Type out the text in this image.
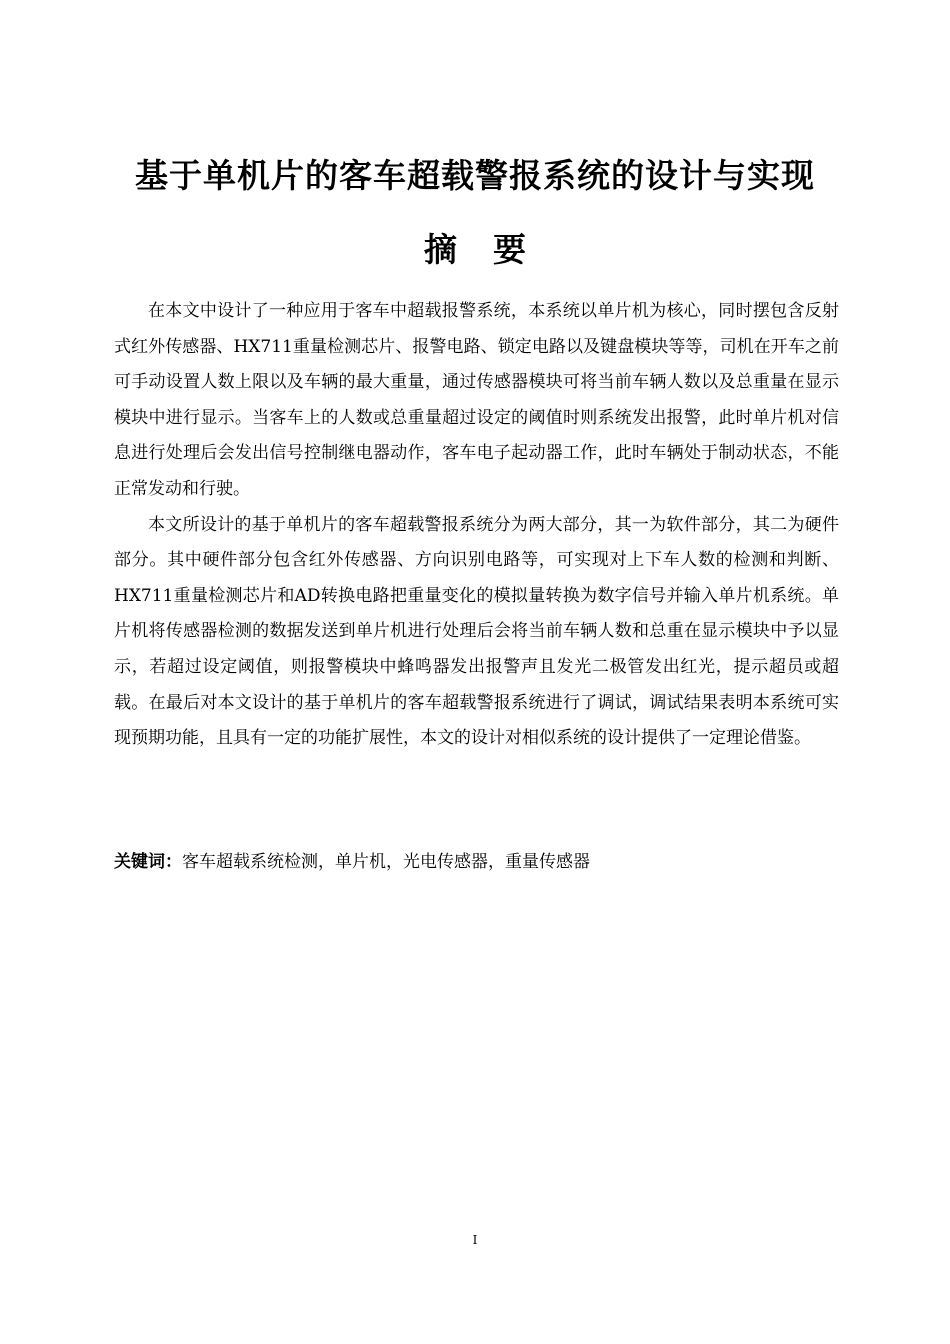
基于单机片的客车超载警报系统的设计与实现
摘 要

在本文中设计了一种应用于客车中超载报警系统，本系统以单片机为核心，同时摆包含反射式红外传感器、HX711重量检测芯片、报警电路、锁定电路以及键盘模块等等，司机在开车之前可手动设置人数上限以及车辆的最大重量，通过传感器模块可将当前车辆人数以及总重量在显示模块中进行显示。当客车上的人数或总重量超过设定的阈值时则系统发出报警，此时单片机对信息进行处理后会发出信号控制继电器动作，客车电子起动器工作，此时车辆处于制动状态，不能正常发动和行驶。

本文所设计的基于单机片的客车超载警报系统分为两大部分，其一为软件部分，其二为硬件部分。其中硬件部分包含红外传感器、方向识别电路等，可实现对上下车人数的检测和判断、HX711重量检测芯片和AD转换电路把重量变化的模拟量转换为数字信号并输入单片机系统。单片机将传感器检测的数据发送到单片机进行处理后会将当前车辆人数和总重在显示模块中予以显示，若超过设定阈值，则报警模块中蜂鸣器发出报警声且发光二极管发出红光，提示超员或超载。在最后对本文设计的基于单机片的客车超载警报系统进行了调试，调试结果表明本系统可实现预期功能，且具有一定的功能扩展性，本文的设计对相似系统的设计提供了一定理论借鉴。

关键词：客车超载系统检测，单片机，光电传感器，重量传感器
I
